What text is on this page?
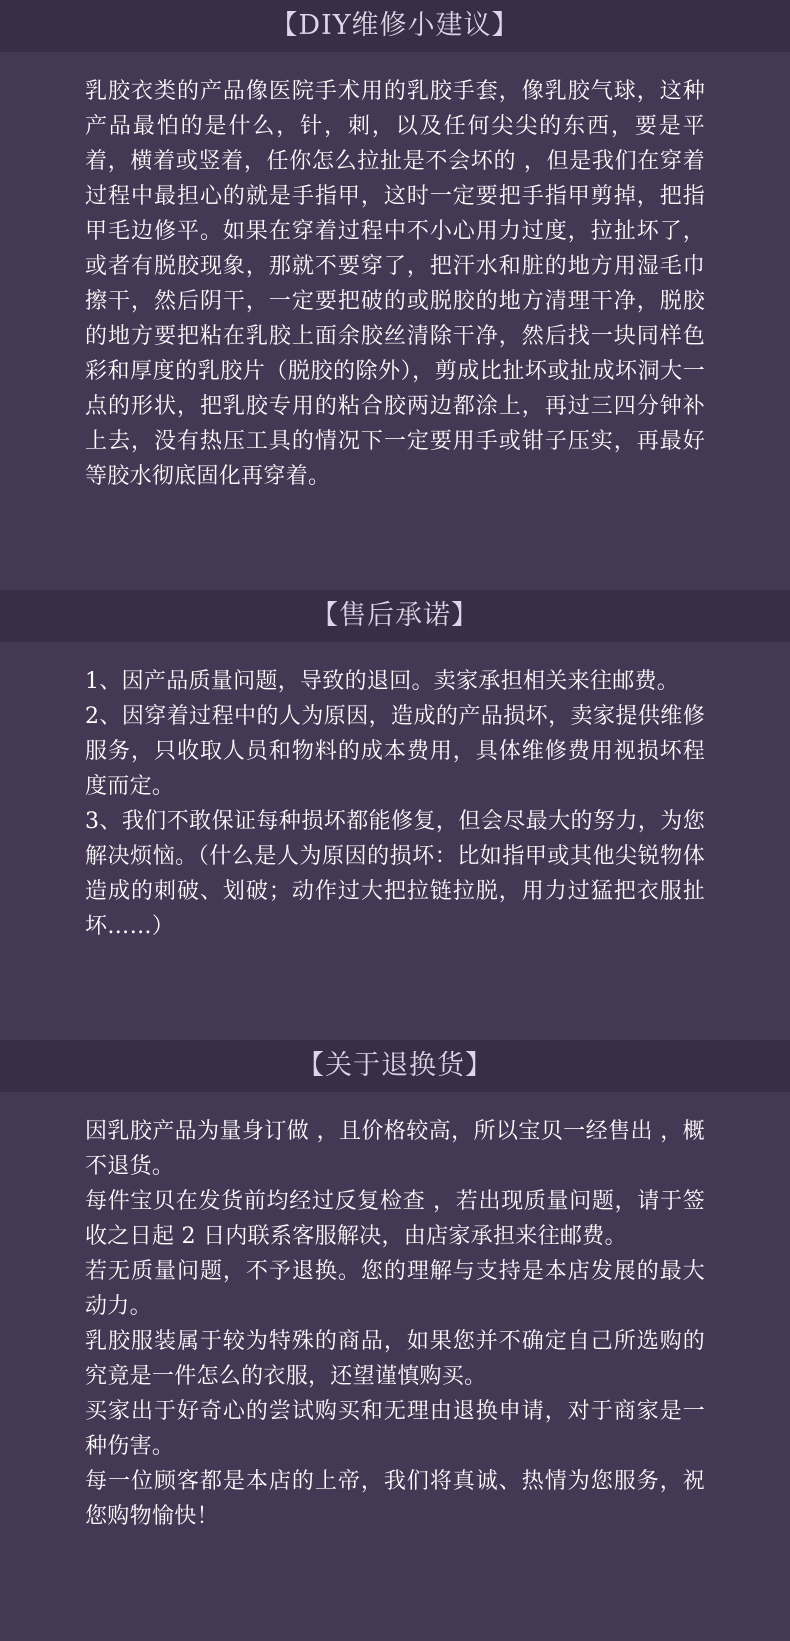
【DIY维修小建议】

乳胶衣类的产品像医院手术用的乳胶手套，像乳胶气球，这种产品最怕的是什么，针，刺，以及任何尖尖的东西，要是平着，横着或竖着，任你怎么拉扯是不会坏的 ，但是我们在穿着过程中最担心的就是手指甲，这时一定要把手指甲剪掉，把指甲毛边修平。如果在穿着过程中不小心用力过度，拉扯坏了，或者有脱胶现象，那就不要穿了，把汗水和脏的地方用湿毛巾擦干，然后阴干，一定要把破的或脱胶的地方清理干净，脱胶的地方要把粘在乳胶上面余胶丝清除干净，然后找一块同样色彩和厚度的乳胶片（脱胶的除外），剪成比扯坏或扯成坏洞大一点的形状，把乳胶专用的粘合胶两边都涂上，再过三四分钟补上去，没有热压工具的情况下一定要用手或钳子压实，再最好等胶水彻底固化再穿着。

【售后承诺】

1、因产品质量问题，导致的退回。卖家承担相关来往邮费。

2、因穿着过程中的人为原因，造成的产品损坏，卖家提供维修服务，只收取人员和物料的成本费用，具体维修费用视损坏程度而定。

3、我们不敢保证每种损坏都能修复，但会尽最大的努力，为您解决烦恼。（什么是人为原因的损坏：比如指甲或其他尖锐物体造成的刺破、划破；动作过大把拉链拉脱，用力过猛把衣服扯坏……）

【关于退换货】

因乳胶产品为量身订做 ，且价格较高，所以宝贝一经售出 ，概不退货。

每件宝贝在发货前均经过反复检查 ，若出现质量问题，请于签收之日起 2 日内联系客服解决，由店家承担来往邮费。

若无质量问题，不予退换。您的理解与支持是本店发展的最大动力。

乳胶服装属于较为特殊的商品，如果您并不确定自己所选购的究竟是一件怎么的衣服，还望谨慎购买。

买家出于好奇心的尝试购买和无理由退换申请，对于商家是一种伤害。

每一位顾客都是本店的上帝，我们将真诚、热情为您服务，祝您购物愉快！
